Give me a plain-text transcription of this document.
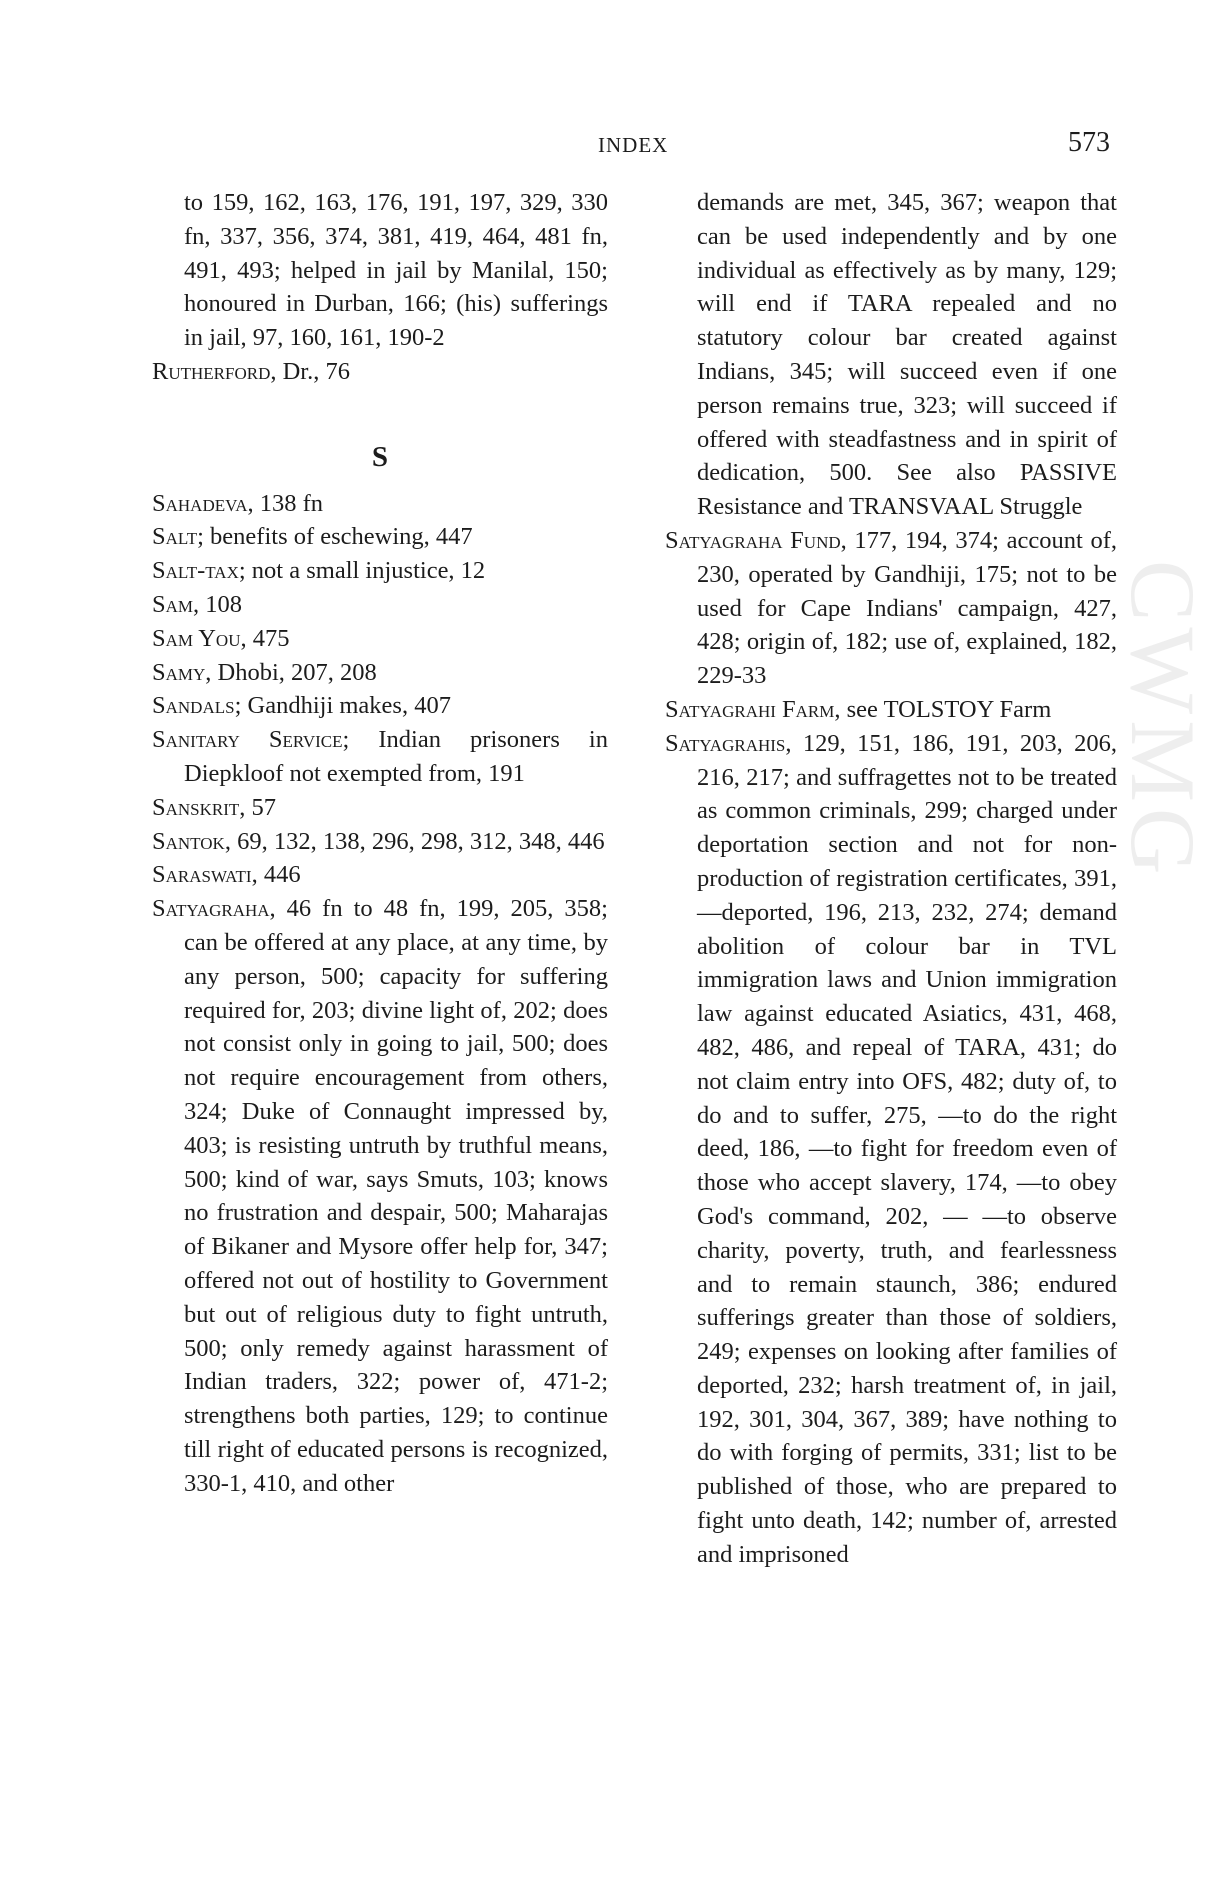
CWMG
INDEX	573
to 159, 162, 163, 176, 191, 197, 329, 330 fn, 337, 356, 374, 381, 419, 464, 481 fn, 491, 493; helped in jail by Manilal, 150; honoured in Durban, 166; (his) sufferings in jail, 97, 160, 161, 190-2
Rutherford, Dr., 76
S
Sahadeva, 138 fn
Salt; benefits of eschewing, 447
Salt-tax; not a small injustice, 12
Sam, 108
Sam You, 475
Samy, Dhobi, 207, 208
Sandals; Gandhiji makes, 407
Sanitary Service; Indian prisoners in Diepkloof not exempted from, 191
Sanskrit, 57
Santok, 69, 132, 138, 296, 298, 312, 348, 446
Saraswati, 446
Satyagraha, 46 fn to 48 fn, 199, 205, 358; can be offered at any place, at any time, by any person, 500; capacity for suffering required for, 203; divine light of, 202; does not consist only in going to jail, 500; does not require encouragement from others, 324; Duke of Connaught impressed by, 403; is resisting untruth by truthful means, 500; kind of war, says Smuts, 103; knows no frustration and despair, 500; Maharajas of Bikaner and Mysore offer help for, 347; offered not out of hostility to Government but out of religious duty to fight untruth, 500; only remedy against harassment of Indian traders, 322; power of, 471-2; strengthens both parties, 129; to continue till right of educated persons is recognized, 330-1, 410, and other
demands are met, 345, 367; weapon that can be used independently and by one individual as effectively as by many, 129; will end if TARA repealed and no statutory colour bar created against Indians, 345; will succeed even if one person remains true, 323; will succeed if offered with steadfastness and in spirit of dedication, 500. See also PASSIVE Resistance and TRANSVAAL Struggle
Satyagraha Fund, 177, 194, 374; account of, 230, operated by Gandhiji, 175; not to be used for Cape Indians' campaign, 427, 428; origin of, 182; use of, explained, 182, 229-33
Satyagrahi Farm, see TOLSTOY Farm
Satyagrahis, 129, 151, 186, 191, 203, 206, 216, 217; and suffragettes not to be treated as common criminals, 299; charged under deportation section and not for non-production of registration certificates, 391, —deported, 196, 213, 232, 274; demand abolition of colour bar in TVL immigration laws and Union immigration law against educated Asiatics, 431, 468, 482, 486, and repeal of TARA, 431; do not claim entry into OFS, 482; duty of, to do and to suffer, 275, —to do the right deed, 186, —to fight for freedom even of those who accept slavery, 174, —to obey God's command, 202, — —to observe charity, poverty, truth, and fearlessness and to remain staunch, 386; endured sufferings greater than those of soldiers, 249; expenses on looking after families of deported, 232; harsh treatment of, in jail, 192, 301, 304, 367, 389; have nothing to do with forging of permits, 331; list to be published of those, who are prepared to fight unto death, 142; number of, arrested and imprisoned
